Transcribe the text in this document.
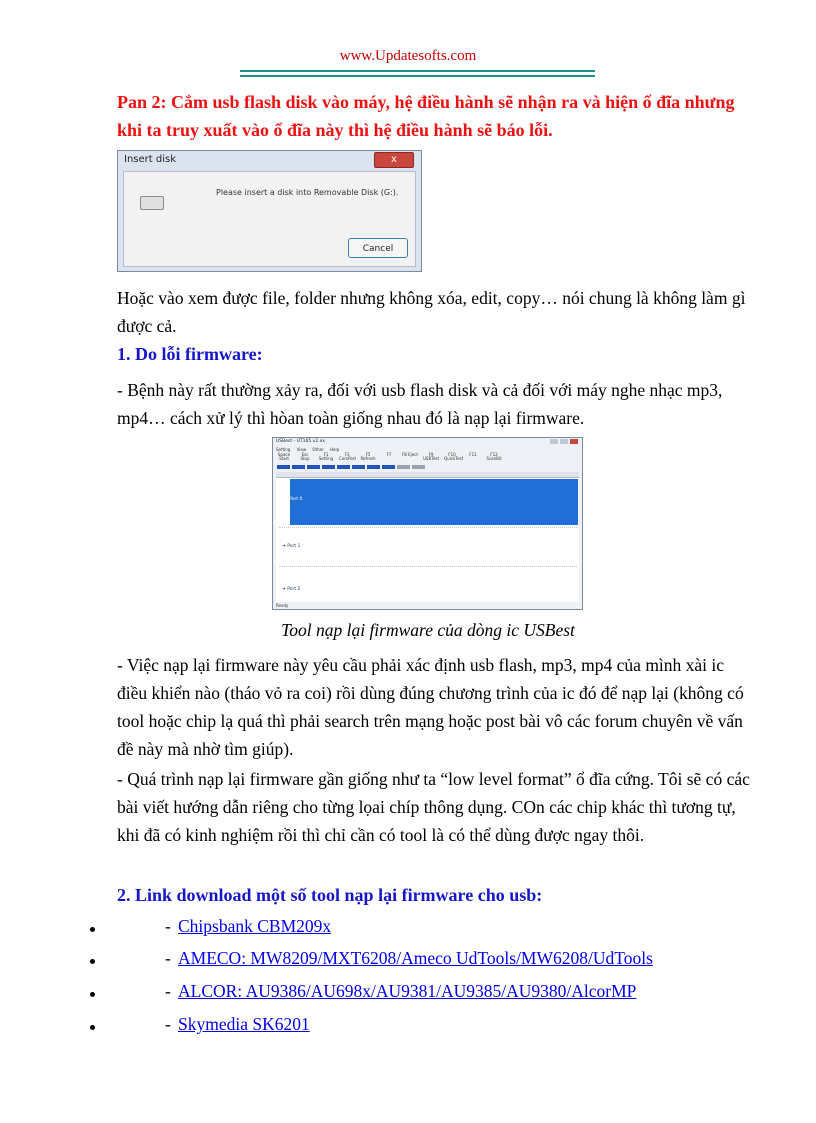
www.Updatesofts.com
Pan 2: Cắm usb flash disk vào máy, hệ điều hành sẽ nhận ra và hiện ổ đĩa nhưng khi ta truy xuất vào ổ đĩa này thì hệ điều hành sẽ báo lỗi.
Insert disk	x
Please insert a disk into Removable Disk (G:).
Cancel
Hoặc vào xem được file, folder nhưng không xóa, edit, copy… nói chung là không làm gì được cả.
1. Do lỗi firmware:
- Bệnh này rất thường xảy ra, đối với usb flash disk và cả đối với máy nghe nhạc mp3, mp4… cách xử lý thì hòan toàn giống nhau đó là nạp lại firmware.
USBest - UT165 v2.xx
Setting View Other Help
Space Start
Esc Stop
F1 Setting
F3 ComPort
F5 Refresh
F7	F8 Eject	F9 USBTest
F10 QuickTest
F11	F12 ScanBit
➔ Port 0
➔ Port 1
➔ Port 2
Ready
Tool nạp lại firmware của dòng ic USBest
- Việc nạp lại firmware này yêu cầu phải xác định usb flash, mp3, mp4 của mình xài ic điều khiển nào (tháo vỏ ra coi) rồi dùng đúng chương trình của ic đó để nạp lại (không có tool hoặc chip lạ quá thì phải search trên mạng hoặc post bài vô các forum chuyên về vấn đề này mà nhờ tìm giúp).
- Quá trình nạp lại firmware gần giống như ta “low level format” ổ đĩa cứng. Tôi sẽ có các bài viết hướng dẫn riêng cho từng lọai chíp thông dụng. COn các chip khác thì tương tự, khi đã có kinh nghiệm rồi thì chỉ cần có tool là có thể dùng được ngay thôi.
2. Link download một số tool nạp lại firmware cho usb:
- Chipsbank CBM209x
- AMECO: MW8209/MXT6208/Ameco UdTools/MW6208/UdTools
- ALCOR: AU9386/AU698x/AU9381/AU9385/AU9380/AlcorMP
- Skymedia SK6201
